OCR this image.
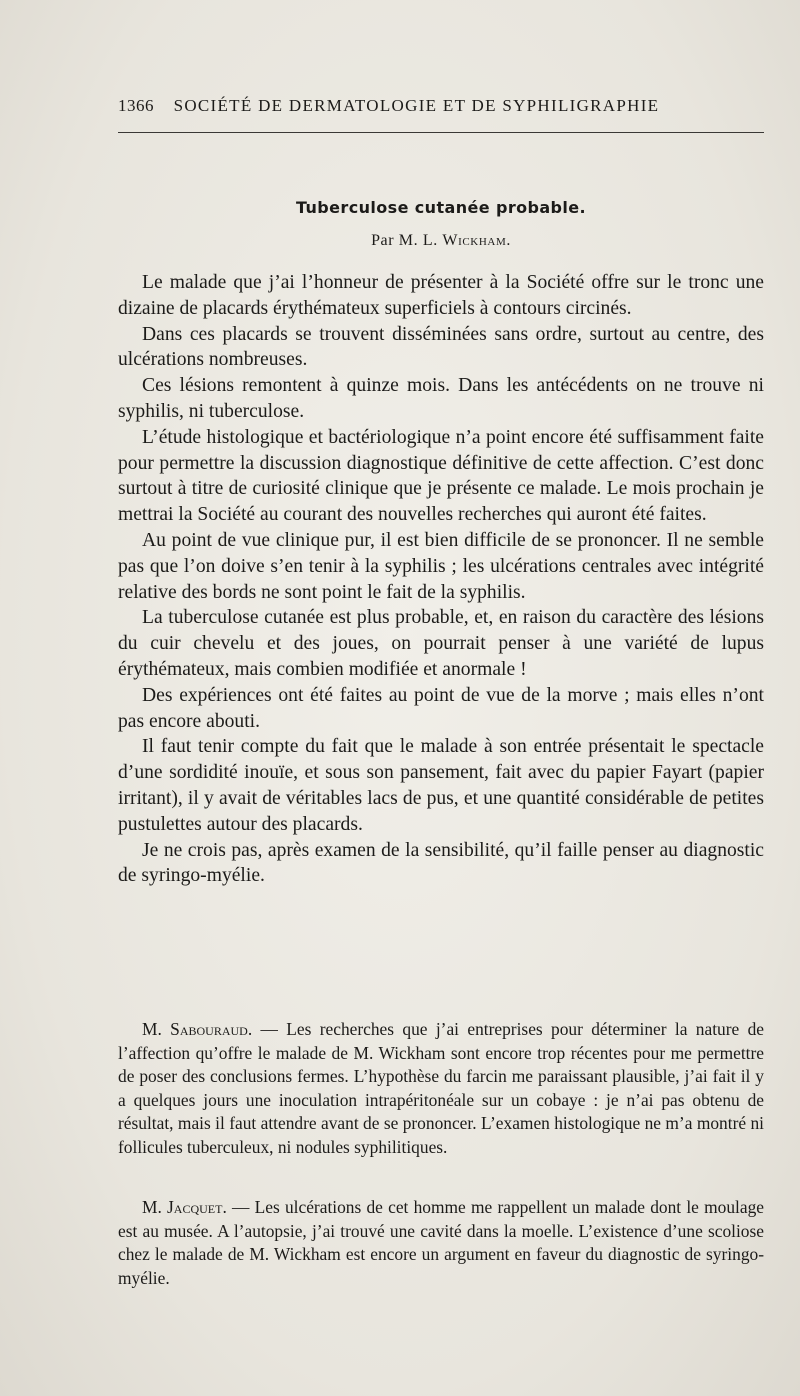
1366 SOCIÉTÉ DE DERMATOLOGIE ET DE SYPHILIGRAPHIE
Tuberculose cutanée probable.
Par M. L. Wickham.

Le malade que j’ai l’honneur de présenter à la Société offre sur le tronc une dizaine de placards érythémateux superficiels à contours circinés.

Dans ces placards se trouvent disséminées sans ordre, surtout au centre, des ulcérations nombreuses.

Ces lésions remontent à quinze mois. Dans les antécédents on ne trouve ni syphilis, ni tuberculose.

L’étude histologique et bactériologique n’a point encore été suffisamment faite pour permettre la discussion diagnostique définitive de cette affection. C’est donc surtout à titre de curiosité clinique que je présente ce malade. Le mois prochain je mettrai la Société au courant des nouvelles recherches qui auront été faites.

Au point de vue clinique pur, il est bien difficile de se prononcer. Il ne semble pas que l’on doive s’en tenir à la syphilis ; les ulcérations centrales avec intégrité relative des bords ne sont point le fait de la syphilis.

La tuberculose cutanée est plus probable, et, en raison du caractère des lésions du cuir chevelu et des joues, on pourrait penser à une variété de lupus érythémateux, mais combien modifiée et anormale !

Des expériences ont été faites au point de vue de la morve ; mais elles n’ont pas encore abouti.

Il faut tenir compte du fait que le malade à son entrée présentait le spectacle d’une sordidité inouïe, et sous son pansement, fait avec du papier Fayart (papier irritant), il y avait de véritables lacs de pus, et une quantité considérable de petites pustulettes autour des placards.

Je ne crois pas, après examen de la sensibilité, qu’il faille penser au diagnostic de syringo-myélie.

M. Sabouraud. — Les recherches que j’ai entreprises pour déterminer la nature de l’affection qu’offre le malade de M. Wickham sont encore trop récentes pour me permettre de poser des conclusions fermes. L’hypothèse du farcin me paraissant plausible, j’ai fait il y a quelques jours une inoculation intrapéritonéale sur un cobaye : je n’ai pas obtenu de résultat, mais il faut attendre avant de se prononcer. L’examen histologique ne m’a montré ni follicules tuberculeux, ni nodules syphilitiques.

M. Jacquet. — Les ulcérations de cet homme me rappellent un malade dont le moulage est au musée. A l’autopsie, j’ai trouvé une cavité dans la moelle. L’existence d’une scoliose chez le malade de M. Wickham est encore un argument en faveur du diagnostic de syringo-myélie.
